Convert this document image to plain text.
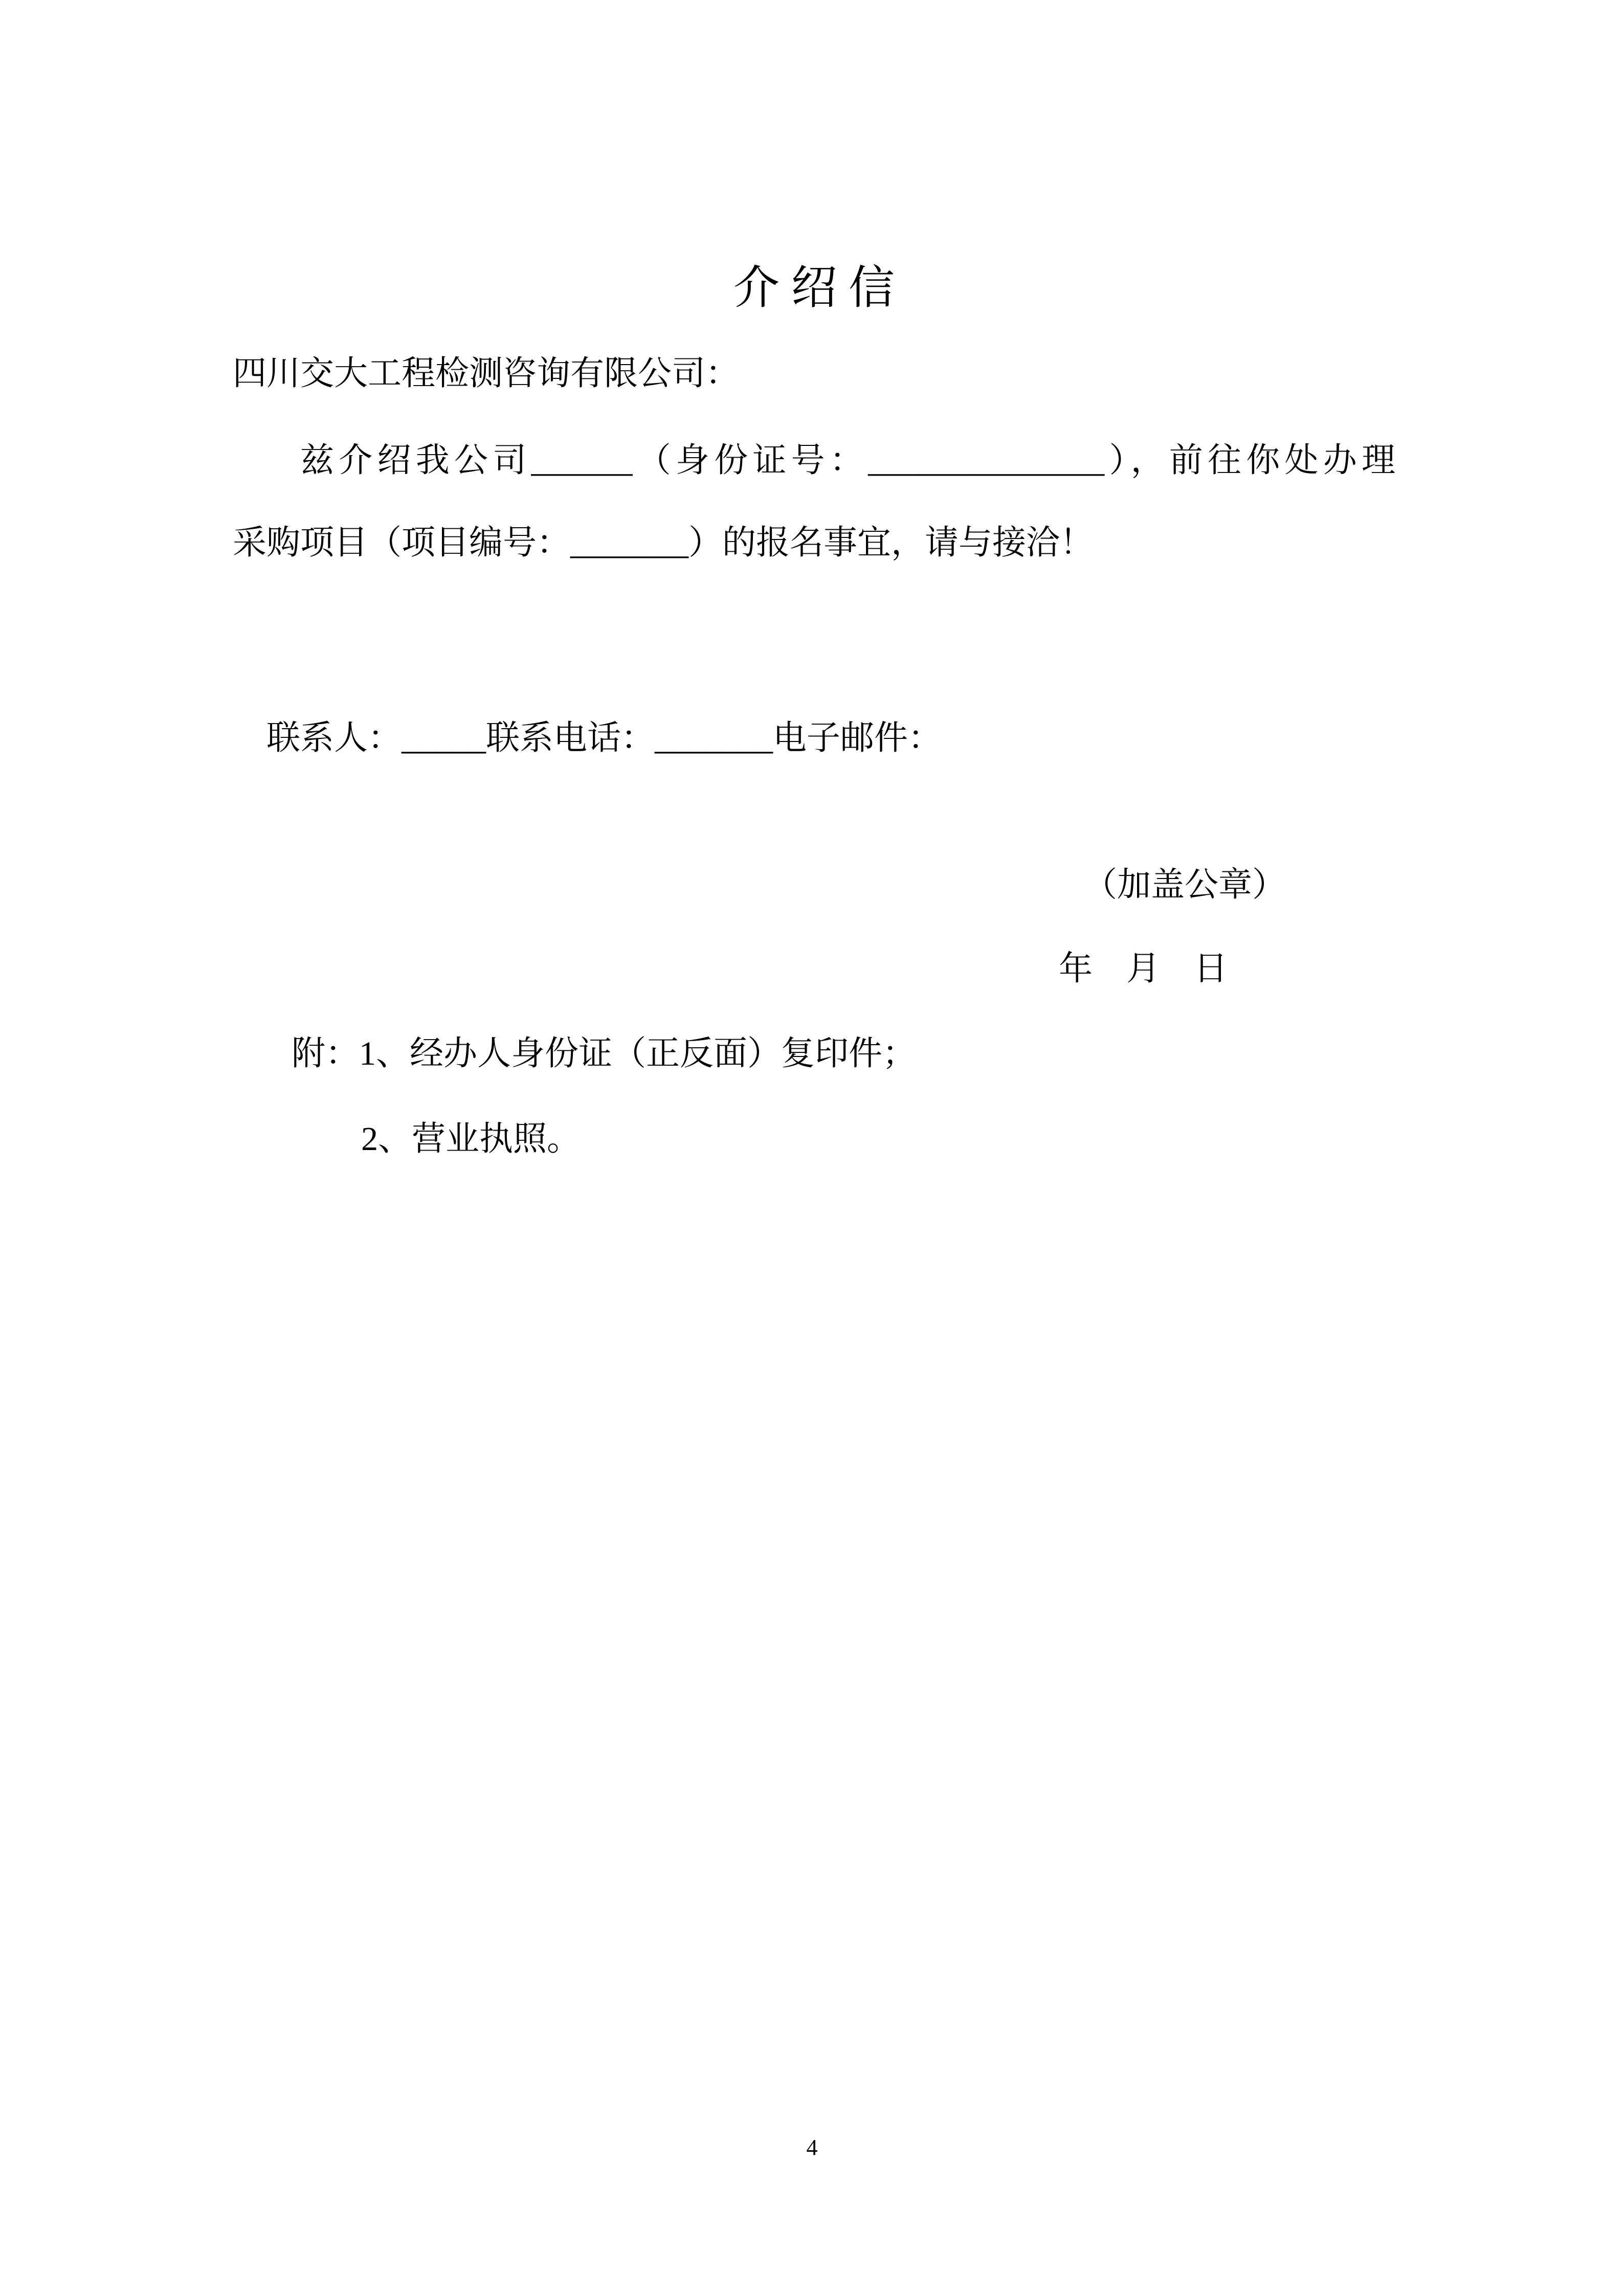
介 绍 信
四川交大工程检测咨询有限公司：
兹介绍我公司______（身份证号：______________），前往你处办理
采购项目（项目编号：_______）的报名事宜，请与接洽！
联系人：_____联系电话：_______电子邮件：
（加盖公章）
年　月　日
附：1、经办人身份证（正反面）复印件；
2、营业执照。
4
